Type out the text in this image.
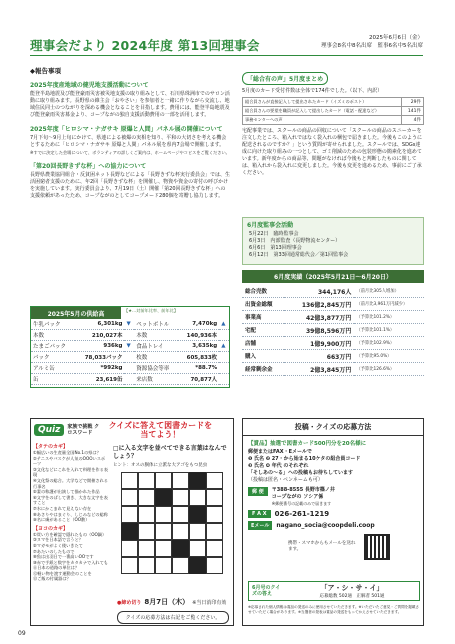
理事会だより 2024年度 第13回理事会	2025年6月6日（金）
理事会8名中8名出席　監事6名中5名出席
◆報告事項
2025年度産地域の健児地支援活動について
能登半島地震及び能登豪雨災害被災地支援の取り組みとして、石川県珠洲市でのサロン活動に取り組みます。長野県の維主会「おやさい」を参加者と一緒に作りながら交流し、地域住民同士のつながりを深める機会となることを目指します。費用には、能登半島地震及び能登豪雨災害募金より、コープながの独自支援活動費用の一部を活用します。
2025年度「ヒロシマ・ナガサキ 原爆と人間」パネル展の開催について
7月下旬〜9月上旬にかけて、県連による被爆の実相を知り、平和の大切さを考える機会とするために「ヒロシマ・ナガサキ 原爆と人間」パネル展を県内7会場で開催します。
※すでに決定した会場について、ボランティアの詳しくご案内は、ホームページやコピスをご覧ください。
「第20回長野きずな杯」への協力について
長野県農業協同組合・反貧困ネット長野などによる「長野きずな杯実行委員会」では、生活困窮者支援のために、年2回「長野きずな杯」を開催し、物資や資金の寄付の呼びかけを実施しています。実行委員会より、7月19日（土）開催「第20回長野きずな杯」への支援依頼があったため、コープながのとしてコープメード280個を寄贈し協力します。
2025年5月の供給高	【★…対前年比率、前年比】
牛乳パック	6,301kg	▼	ペットボトル	7,470kg	▲
本数	210,027本		本数	140,936本	
たまごパック	936kg	▼	食品トレイ	3,635kg	▲
パック	78,033パック		枚数	605,833枚	
アルミ缶	*992kg		資源協会等率	*88.7%	
缶	23,619缶		来店数	70,877人	
「総合有の声」5月度まとめ
5月度のカード受付件数は全体で174件でした。（以下、内訳）
組合員さんが直接記入して提出されたカード（イズミのポスト）	29件
組合員さんの要望を職員が記入して提出したカード（電話・配達など）	141件
事務センターへの声	4件
宅配事業では、スクールの商品の回収について「スクールの商品のスニーカーを注文したところ、箱入れではなく袋入れの梱包で届きました。今後もこのように配送されるのですか？」という質問が寄せられました。スクールでは、SDGs達成に向けた取り組みの一つとして、ゴミ削減のための包装形態の簡素化を進めています。新年度からの商品等、問題がなければ今後もと判断したものに関しては、箱入れから袋入れに変更しました。今後も変更を進めるため、事前にご了承ください。
6月度監事会活動
5月22日　臨時監事会
6月3日　内部監査（長野物流センター）
6月6日　第13回理事会
6月12日　第33回通常総代会／第1回監事会
6月度実績（2025年5月21日〜6月20日）
総合売数	344,176人	（前月比305人増加）
出資金総額	136億2,845万円	（前月比3,961万円減少）
事業高	42億3,877万円	（予算比101.2%）
宅配	39億8,596万円	（予算比101.1%）
店舗	1億9,900万円	（予算比102.9%）
購入	663万円	（予算比95.0%）
経常剰余金	2億3,845万円	（予算比126.6%）
Quiz	家族で挑戦 クロスワード
クイズに答えて図書カードを当てよう！
【タテのカギ】
①幅広いの生産量全国No.1の県は？
②テニスやバスケが人気のOOOいスポーツ
③文化などにこれを入れて料理を作る表現
④文化祭の総合。大学などで開催される行事名
⑤妻の称護が出演して描かれた作品
⑥文字をのばして書き、大きな文字を表すこと
⑦水にかこまれて見えない存在
⑧あさりやはまぐり、しじみなどの総称
⑨名に虜があること（OO敷）
【ヨコのカギ】
①買い方を確認で隠れたもの（OO鍋）
③ヌマを日本語で言うと？
⑤マガモがよく使いきたて
⑦あたいのしたもので
⑧魚は出羽日で一番高いOOです
⑩赤で手紙と数字をカタカナで入れても
⑪日本の道路の単位は？
⑫軽い物を渡す運動会のことを
⑬ご飯の付属器は？
□に入る文字を並べてできる言葉はなんでしょう？
ヒント：オスの胴体に立派な大アゴをもつ昆虫
●締め切り 8月7日（木） ※当日消印有効
クイズの応募方法は右記をご覧ください。
投稿・クイズの応募方法
【賞品】抽選で図書カード500円分を20名様に
郵便またはFAX・Eメールで
❶ 氏名 ❷ 27・から始まる10ケタの組合員コード
❸ 氏名 ❹ 年代 のそれぞれ
「そしあの〜る」への投稿もお待ちしています
（投稿は匿名・ペンネームも可）
郵 便	〒388-8555 長野市篠ノ井
コープながの ソシア係
※郵便番号の記載のみで届きます
F A X	026-261-1219
Eメール	nagano_socia@coopdeli.coop
携帯・スマホからもメールを送れます。
6月号のクイズの答え
「ア・シ・サ・イ」
応募総数 502通　正解者 501通
※応募された個人情報は賞品の発送のみに使用させていただきます。※いただいたご意見・ご質問を掲載させていただく場合があります。※当選者の発表は賞品の発送をもってかえさせていただきます。
09
